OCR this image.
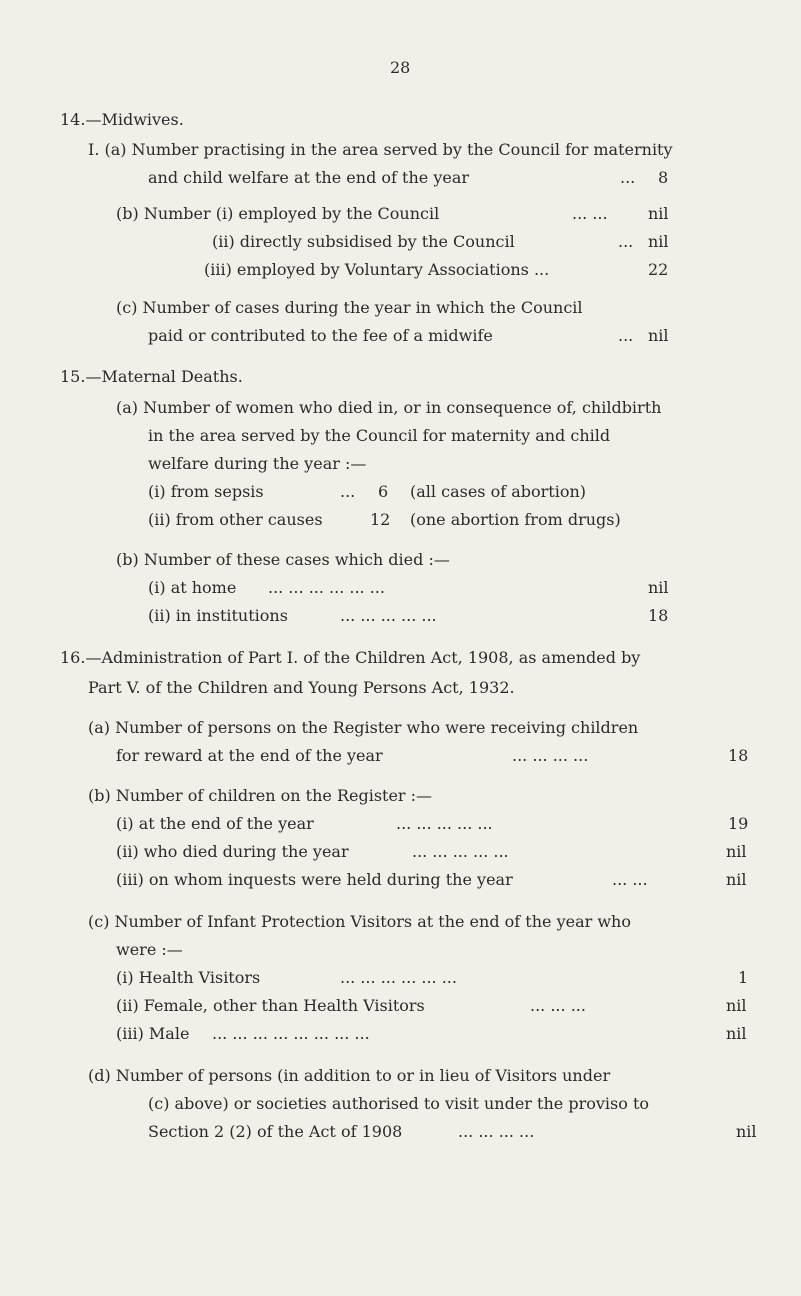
28
14.—Midwives.
I. (a) Number practising in the area served by the Council for maternity
and child welfare at the end of the year	... 8
(b) Number (i) employed by the Council	... ...	nil
(ii) directly subsidised by the Council	... nil
(iii) employed by Voluntary Associations ...	22
(c) Number of cases during the year in which the Council
paid or contributed to the fee of a midwife	... nil
15.—Maternal Deaths.
(a) Number of women who died in, or in consequence of, childbirth
in the area served by the Council for maternity and child
welfare during the year :—
(i) from sepsis	... 6 (all cases of abortion)
(ii) from other causes	12 (one abortion from drugs)
(b) Number of these cases which died :—
(i) at home ... ... ... ... ... ...	nil
(ii) in institutions	... ... ... ... ...	18
16.—Administration of Part I. of the Children Act, 1908, as amended by
Part V. of the Children and Young Persons Act, 1932.
(a) Number of persons on the Register who were receiving children
for reward at the end of the year	... ... ... ...	18
(b) Number of children on the Register :—
(i) at the end of the year	... ... ... ... ...	19
(ii) who died during the year	... ... ... ... ...	nil
(iii) on whom inquests were held during the year	... ...	nil
(c) Number of Infant Protection Visitors at the end of the year who
were :—
(i) Health Visitors	... ... ... ... ... ...	1
(ii) Female, other than Health Visitors	... ... ...	nil
(iii) Male ... ... ... ... ... ... ... ...	nil
(d) Number of persons (in addition to or in lieu of Visitors under
(c) above) or societies authorised to visit under the proviso to
Section 2 (2) of the Act of 1908	... ... ... ...	nil
